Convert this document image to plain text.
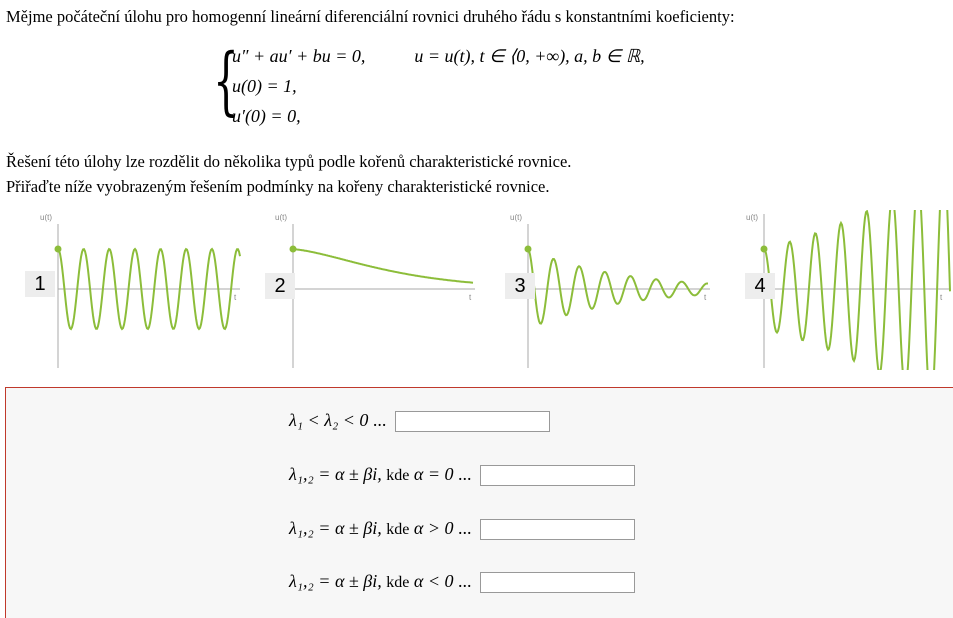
Mějme počáteční úlohu pro homogenní lineární diferenciální rovnici druhého řádu s konstantními koeficienty:
{
u″ + au′ + bu = 0,	u = u(t), t ∈ ⟨0, +∞), a, b ∈ ℝ,
u(0) = 1,
u′(0) = 0,
Řešení této úlohy lze rozdělit do několika typů podle kořenů charakteristické rovnice.
Přiřaďte níže vyobrazeným řešením podmínky na kořeny charakteristické rovnice.
u(t)
t
1
u(t)
t
2
u(t)
t
3
u(t)
t
4
λ₁ < λ₂ < 0 ...
λ₁,₂ = α ± βi, kde α = 0 ...
λ₁,₂ = α ± βi, kde α > 0 ...
λ₁,₂ = α ± βi, kde α < 0 ...
